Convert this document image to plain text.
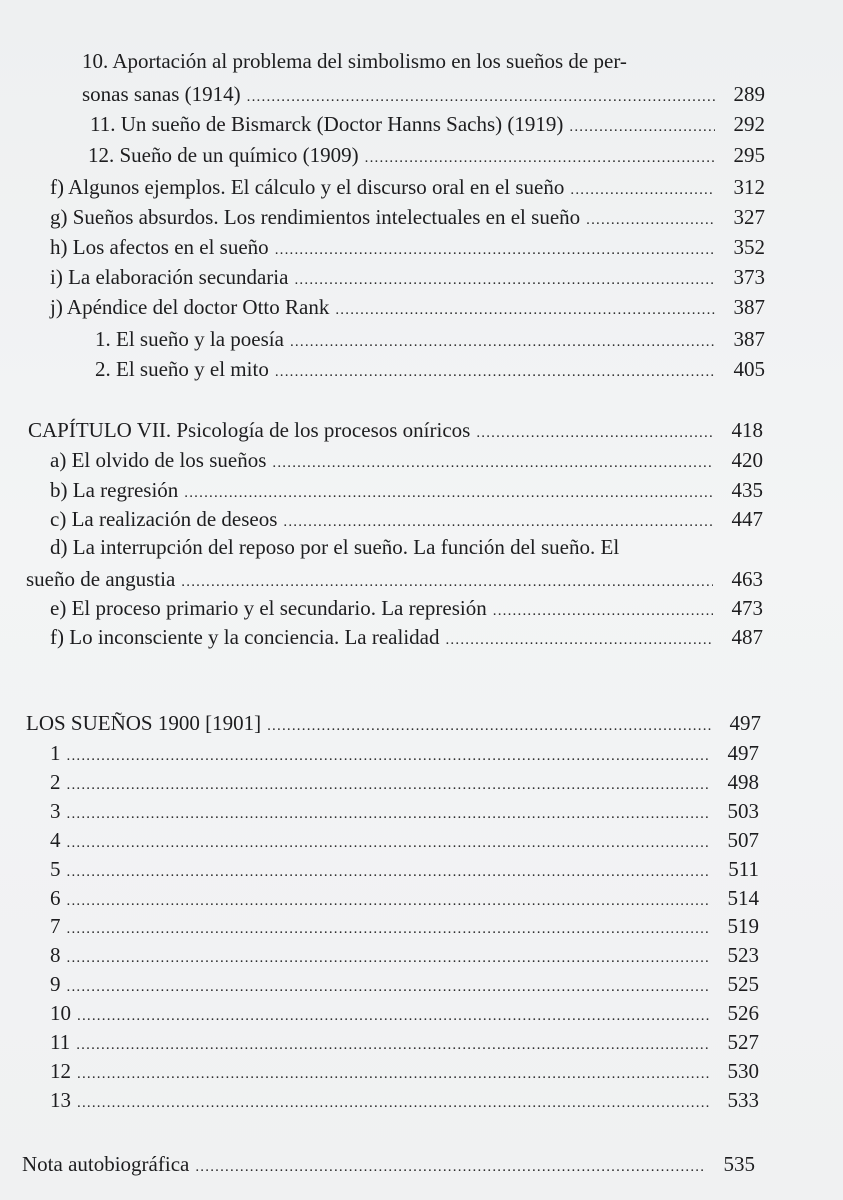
10. Aportación al problema del simbolismo en los sueños de per-
sonas sanas (1914) .....	289
11. Un sueño de Bismarck (Doctor Hanns Sachs) (1919) .....	292
12. Sueño de un químico (1909) .....	295
f) Algunos ejemplos. El cálculo y el discurso oral en el sueño .....	312
g) Sueños absurdos. Los rendimientos intelectuales en el sueño .....	327
h) Los afectos en el sueño .....	352
i) La elaboración secundaria .....	373
j) Apéndice del doctor Otto Rank .....	387
1. El sueño y la poesía .....	387
2. El sueño y el mito .....	405
CAPÍTULO VII. Psicología de los procesos oníricos .....	418
a) El olvido de los sueños .....	420
b) La regresión .....	435
c) La realización de deseos .....	447
d) La interrupción del reposo por el sueño. La función del sueño. El
sueño de angustia .....	463
e) El proceso primario y el secundario. La represión .....	473
f) Lo inconsciente y la conciencia. La realidad .....	487
LOS SUEÑOS 1900 [1901] .....	497
1 .....	497
2 .....	498
3 .....	503
4 .....	507
5 .....	511
6 .....	514
7 .....	519
8 .....	523
9 .....	525
10 .....	526
11 .....	527
12 .....	530
13 .....	533
Nota autobiográfica .....	535
